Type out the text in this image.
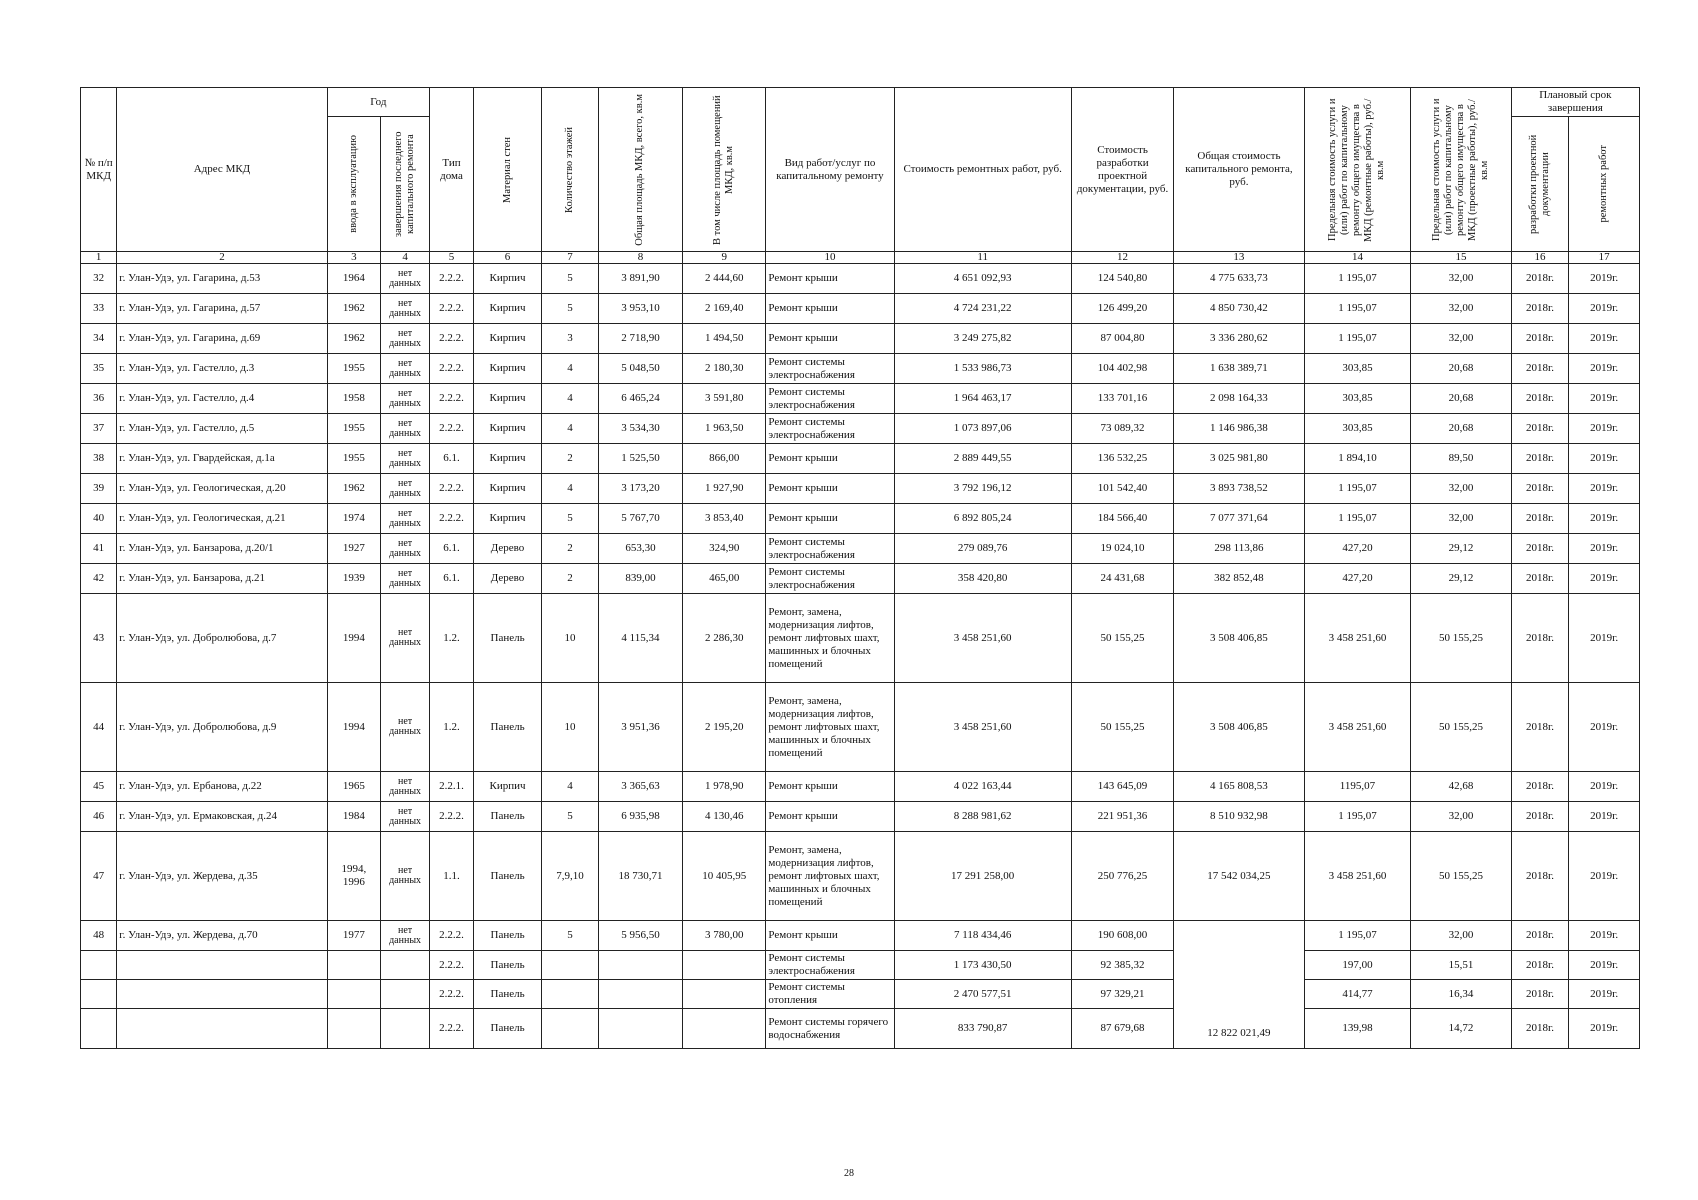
№ п/п МКД	Адрес МКД	Год		Тип дома	Материал стен	Количество этажей	Общая площадь МКД, всего, кв.м	В том числе площадь помещений МКД, кв.м	Вид работ/услуг по капитальному ремонту	Стоимость ремонтных работ, руб.	Стоимость разработки проектной документации, руб.	Общая стоимость капитального ремонта, руб.	Предельная стоимость услуги и (или) работ по капитальному ремонту общего имущества в МКД (ремонтные работы), руб./кв.м	Предельная стоимость услуги и (или) работ по капитальному ремонту общего имущества в МКД (проектные работы), руб./кв.м	Плановый срок завершения	

		ввода в эксплуатацию	завершения последнего капитального ремонта												разработки проектной документации	ремонтных работ

1	2	3	4	5	6	7	8	9	10	11	12	13	14	15	16	17
32	г. Улан-Удэ, ул. Гагарина, д.53	1964	нет данных	2.2.2.	Кирпич	5	3 891,90	2 444,60	Ремонт крыши	4 651 092,93	124 540,80	4 775 633,73	1 195,07	32,00	2018г.	2019г.
33	г. Улан-Удэ, ул. Гагарина, д.57	1962	нет данных	2.2.2.	Кирпич	5	3 953,10	2 169,40	Ремонт крыши	4 724 231,22	126 499,20	4 850 730,42	1 195,07	32,00	2018г.	2019г.
34	г. Улан-Удэ, ул. Гагарина, д.69	1962	нет данных	2.2.2.	Кирпич	3	2 718,90	1 494,50	Ремонт крыши	3 249 275,82	87 004,80	3 336 280,62	1 195,07	32,00	2018г.	2019г.
35	г. Улан-Удэ, ул. Гастелло, д.3	1955	нет данных	2.2.2.	Кирпич	4	5 048,50	2 180,30	Ремонт системы электроснабжения	1 533 986,73	104 402,98	1 638 389,71	303,85	20,68	2018г.	2019г.
36	г. Улан-Удэ, ул. Гастелло, д.4	1958	нет данных	2.2.2.	Кирпич	4	6 465,24	3 591,80	Ремонт системы электроснабжения	1 964 463,17	133 701,16	2 098 164,33	303,85	20,68	2018г.	2019г.
37	г. Улан-Удэ, ул. Гастелло, д.5	1955	нет данных	2.2.2.	Кирпич	4	3 534,30	1 963,50	Ремонт системы электроснабжения	1 073 897,06	73 089,32	1 146 986,38	303,85	20,68	2018г.	2019г.
38	г. Улан-Удэ, ул. Гвардейская, д.1а	1955	нет данных	6.1.	Кирпич	2	1 525,50	866,00	Ремонт крыши	2 889 449,55	136 532,25	3 025 981,80	1 894,10	89,50	2018г.	2019г.
39	г. Улан-Удэ, ул. Геологическая, д.20	1962	нет данных	2.2.2.	Кирпич	4	3 173,20	1 927,90	Ремонт крыши	3 792 196,12	101 542,40	3 893 738,52	1 195,07	32,00	2018г.	2019г.
40	г. Улан-Удэ, ул. Геологическая, д.21	1974	нет данных	2.2.2.	Кирпич	5	5 767,70	3 853,40	Ремонт крыши	6 892 805,24	184 566,40	7 077 371,64	1 195,07	32,00	2018г.	2019г.
41	г. Улан-Удэ, ул. Банзарова, д.20/1	1927	нет данных	6.1.	Дерево	2	653,30	324,90	Ремонт системы электроснабжения	279 089,76	19 024,10	298 113,86	427,20	29,12	2018г.	2019г.
42	г. Улан-Удэ, ул. Банзарова, д.21	1939	нет данных	6.1.	Дерево	2	839,00	465,00	Ремонт системы электроснабжения	358 420,80	24 431,68	382 852,48	427,20	29,12	2018г.	2019г.
43	г. Улан-Удэ, ул. Добролюбова, д.7	1994	нет данных	1.2.	Панель	10	4 115,34	2 286,30	Ремонт, замена, модернизация лифтов, ремонт лифтовых шахт, машинных и блочных помещений	3 458 251,60	50 155,25	3 508 406,85	3 458 251,60	50 155,25	2018г.	2019г.
44	г. Улан-Удэ, ул. Добролюбова, д.9	1994	нет данных	1.2.	Панель	10	3 951,36	2 195,20	Ремонт, замена, модернизация лифтов, ремонт лифтовых шахт, машинных и блочных помещений	3 458 251,60	50 155,25	3 508 406,85	3 458 251,60	50 155,25	2018г.	2019г.
45	г. Улан-Удэ, ул. Ербанова, д.22	1965	нет данных	2.2.1.	Кирпич	4	3 365,63	1 978,90	Ремонт крыши	4 022 163,44	143 645,09	4 165 808,53	1195,07	42,68	2018г.	2019г.
46	г. Улан-Удэ, ул. Ермаковская, д.24	1984	нет данных	2.2.2.	Панель	5	6 935,98	4 130,46	Ремонт крыши	8 288 981,62	221 951,36	8 510 932,98	1 195,07	32,00	2018г.	2019г.
47	г. Улан-Удэ, ул. Жердева, д.35	1994, 1996	нет данных	1.1.	Панель	7,9,10	18 730,71	10 405,95	Ремонт, замена, модернизация лифтов, ремонт лифтовых шахт, машинных и блочных помещений	17 291 258,00	250 776,25	17 542 034,25	3 458 251,60	50 155,25	2018г.	2019г.
48	г. Улан-Удэ, ул. Жердева, д.70	1977	нет данных	2.2.2.	Панель	5	5 956,50	3 780,00	Ремонт крыши	7 118 434,46	190 608,00	12 822 021,49	1 195,07	32,00	2018г.	2019г.
				2.2.2.	Панель				Ремонт системы электроснабжения	1 173 430,50	92 385,32		197,00	15,51	2018г.	2019г.
				2.2.2.	Панель				Ремонт системы отопления	2 470 577,51	97 329,21		414,77	16,34	2018г.	2019г.
				2.2.2.	Панель				Ремонт системы горячего водоснабжения	833 790,87	87 679,68		139,98	14,72	2018г.	2019г.
28
